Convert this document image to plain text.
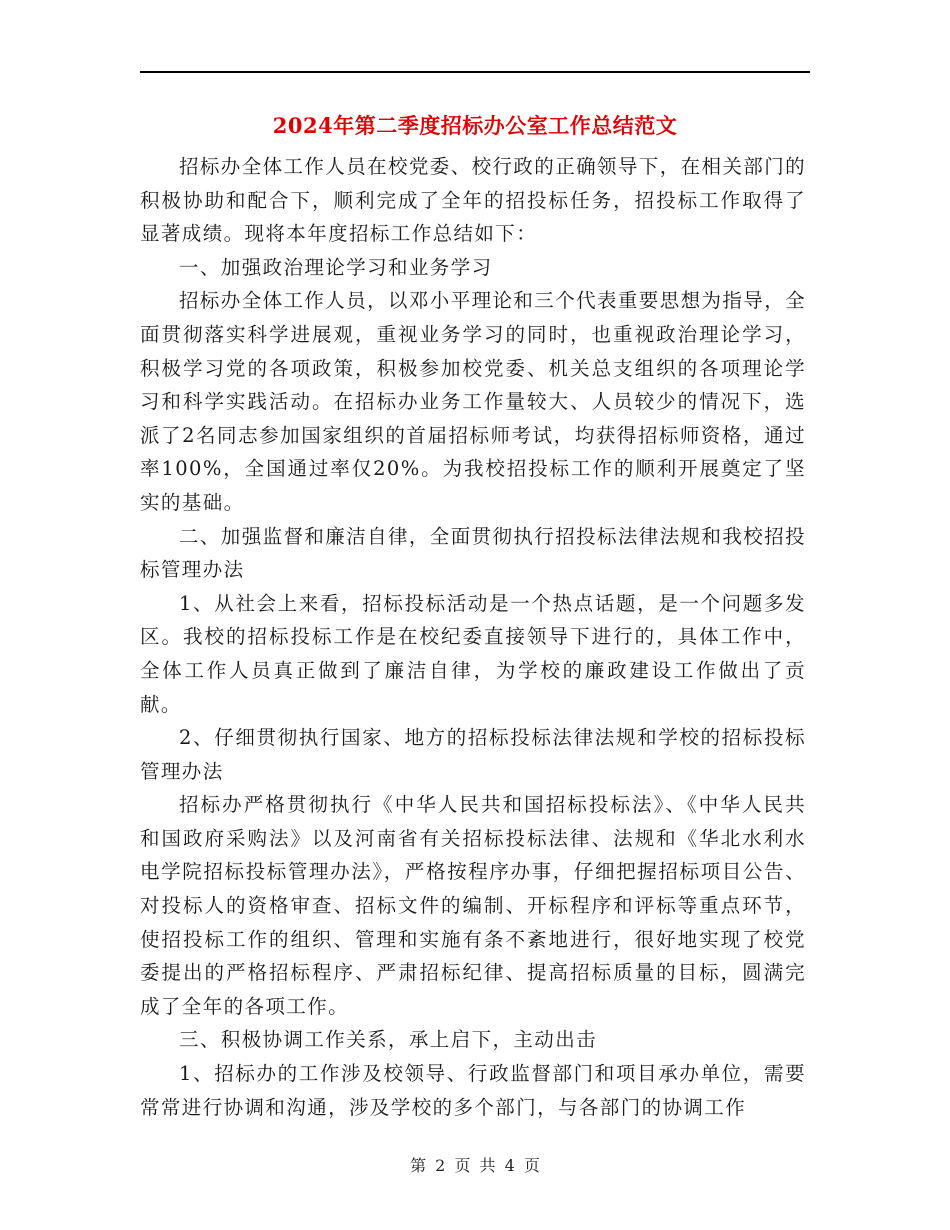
2024年第二季度招标办公室工作总结范文

招标办全体工作人员在校党委、校行政的正确领导下，在相关部门的积极协助和配合下，顺利完成了全年的招投标任务，招投标工作取得了显著成绩。现将本年度招标工作总结如下：

一、加强政治理论学习和业务学习

招标办全体工作人员，以邓小平理论和三个代表重要思想为指导，全面贯彻落实科学进展观，重视业务学习的同时，也重视政治理论学习，积极学习党的各项政策，积极参加校党委、机关总支组织的各项理论学习和科学实践活动。在招标办业务工作量较大、人员较少的情况下，选派了2名同志参加国家组织的首届招标师考试，均获得招标师资格，通过率100%，全国通过率仅20%。为我校招投标工作的顺利开展奠定了坚实的基础。

二、加强监督和廉洁自律，全面贯彻执行招投标法律法规和我校招投标管理办法

1、从社会上来看，招标投标活动是一个热点话题，是一个问题多发区。我校的招标投标工作是在校纪委直接领导下进行的，具体工作中，全体工作人员真正做到了廉洁自律，为学校的廉政建设工作做出了贡献。

2、仔细贯彻执行国家、地方的招标投标法律法规和学校的招标投标管理办法

招标办严格贯彻执行《中华人民共和国招标投标法》、《中华人民共和国政府采购法》以及河南省有关招标投标法律、法规和《华北水利水电学院招标投标管理办法》，严格按程序办事，仔细把握招标项目公告、对投标人的资格审查、招标文件的编制、开标程序和评标等重点环节，使招投标工作的组织、管理和实施有条不紊地进行，很好地实现了校党委提出的严格招标程序、严肃招标纪律、提高招标质量的目标，圆满完成了全年的各项工作。

三、积极协调工作关系，承上启下，主动出击

1、招标办的工作涉及校领导、行政监督部门和项目承办单位，需要常常进行协调和沟通，涉及学校的多个部门，与各部门的协调工作

第 2 页 共 4 页
